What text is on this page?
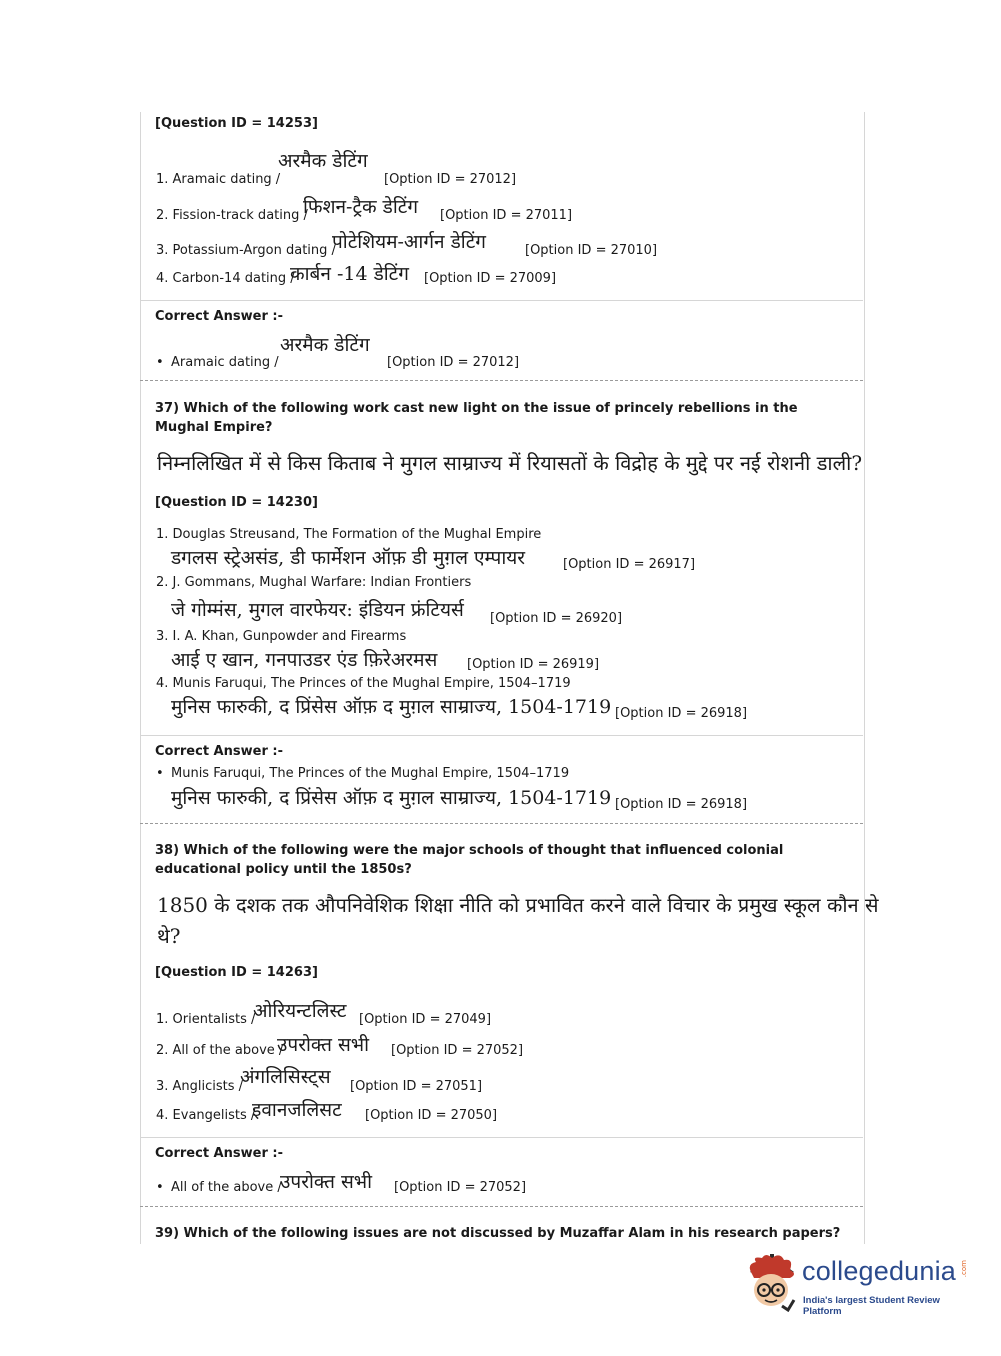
[Question ID = 14253]
अरमैक डेटिंग
1. Aramaic dating /	[Option ID = 27012]
2. Fission-track dating /
फिशन-ट्रैक डेटिंग [Option ID = 27011]
3. Potassium-Argon dating /
पोटेशियम-आर्गन डेटिंग	[Option ID = 27010]
4. Carbon-14 dating /
कार्बन -14 डेटिंग [Option ID = 27009]
Correct Answer :-
अरमैक डेटिंग
• Aramaic dating /	[Option ID = 27012]
37) Which of the following work cast new light on the issue of princely rebellions in the Mughal Empire?
निम्नलिखित में से किस किताब ने मुगल साम्राज्य में रियासतों के विद्रोह के मुद्दे पर नई रोशनी डाली?
[Question ID = 14230]
1. Douglas Streusand, The Formation of the Mughal Empire
डगलस स्ट्रेअसंड, डी फार्मेशन ऑफ़ डी मुग़ल एम्पायर	[Option ID = 26917]
2. J. Gommans, Mughal Warfare: Indian Frontiers
जे गोम्मंस, मुगल वारफेयर: इंडियन फ्रंटियर्स [Option ID = 26920]
3. I. A. Khan, Gunpowder and Firearms
आई ए खान, गनपाउडर एंड फ़िरेअरमस [Option ID = 26919]
4. Munis Faruqui, The Princes of the Mughal Empire, 1504–1719
मुनिस फारुकी, द प्रिंसेस ऑफ़ द मुग़ल साम्राज्य, 1504-1719 [Option ID = 26918]
Correct Answer :-
• Munis Faruqui, The Princes of the Mughal Empire, 1504–1719
मुनिस फारुकी, द प्रिंसेस ऑफ़ द मुग़ल साम्राज्य, 1504-1719 [Option ID = 26918]
38) Which of the following were the major schools of thought that influenced colonial educational policy until the 1850s?
1850 के दशक तक औपनिवेशिक शिक्षा नीति को प्रभावित करने वाले विचार के प्रमुख स्कूल कौन से
थे?
[Question ID = 14263]
1. Orientalists /
ओरियन्टलिस्ट [Option ID = 27049]
2. All of the above /
उपरोक्त सभी [Option ID = 27052]
3. Anglicists /
अंगलिसिस्ट्स [Option ID = 27051]
4. Evangelists /
इवानजलिसट [Option ID = 27050]
Correct Answer :-
• All of the above /
उपरोक्त सभी [Option ID = 27052]
39) Which of the following issues are not discussed by Muzaffar Alam in his research papers?
collegedunia .com
India's largest Student Review Platform
